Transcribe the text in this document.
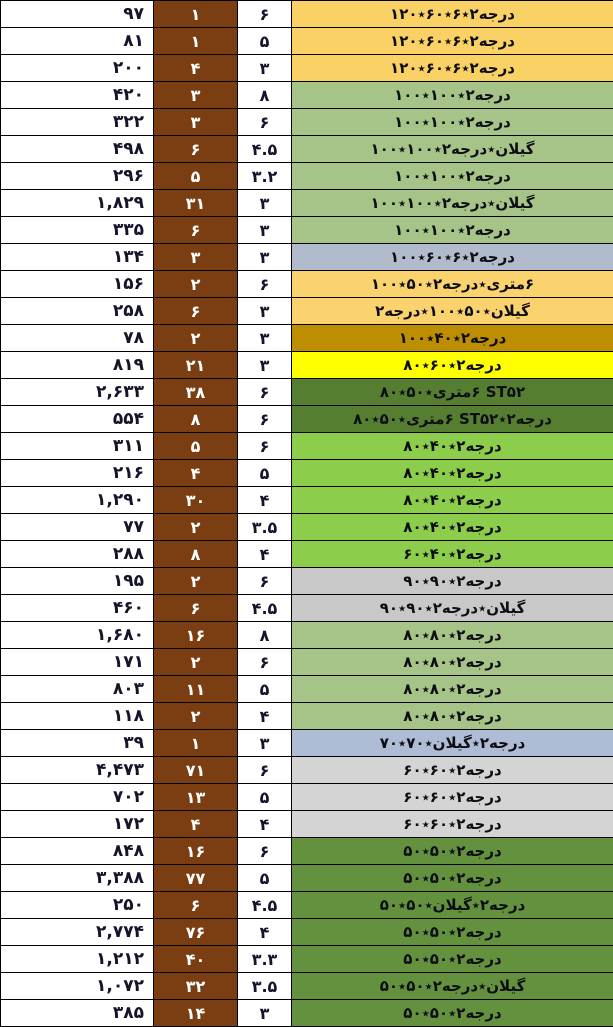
۹۷	۱	۶	درجه۲٭۶٭۶۰٭۱۲۰
۸۱	۱	۵	درجه۲٭۶٭۶۰٭۱۲۰
۲۰۰	۴	۳	درجه۲٭۶٭۶۰٭۱۲۰
۴۲۰	۳	۸	درجه۲٭۱۰۰٭۱۰۰
۳۲۲	۳	۶	درجه۲٭۱۰۰٭۱۰۰
۴۹۸	۶	۴.۵	گیلان٭درجه۲٭۱۰۰٭۱۰۰
۲۹۶	۵	۳.۲	درجه۲٭۱۰۰٭۱۰۰
۱,۸۲۹	۳۱	۳	گیلان٭درجه۲٭۱۰۰٭۱۰۰
۳۳۵	۶	۳	درجه۲٭۱۰۰٭۱۰۰
۱۳۴	۳	۳	درجه۲٭۶٭۶۰٭۱۰۰
۱۵۶	۲	۶	۶متری٭درجه۲٭۵۰٭۱۰۰
۲۵۸	۶	۳	گیلان٭۵۰٭۱۰۰٭درجه۲
۷۸	۲	۳	درجه۲٭۴۰٭۱۰۰
۸۱۹	۲۱	۳	درجه۲٭۶۰٭۸۰
۲,۶۳۳	۳۸	۶	ST۵۲ ‏۶متری٭۵۰٭۸۰
۵۵۴	۸	۶	درجه۲٭ST۵۲ ‏۶متری٭۵۰٭۸۰
۳۱۱	۵	۶	درجه۲٭۴۰٭۸۰
۲۱۶	۴	۵	درجه۲٭۴۰٭۸۰
۱,۲۹۰	۳۰	۴	درجه۲٭۴۰٭۸۰
۷۷	۲	۳.۵	درجه۲٭۴۰٭۸۰
۲۸۸	۸	۴	درجه۲٭۴۰٭۶۰
۱۹۵	۲	۶	درجه۲٭۹۰٭۹۰
۴۶۰	۶	۴.۵	گیلان٭درجه۲٭۹۰٭۹۰
۱,۶۸۰	۱۶	۸	درجه۲٭۸۰٭۸۰
۱۷۱	۲	۶	درجه۲٭۸۰٭۸۰
۸۰۳	۱۱	۵	درجه۲٭۸۰٭۸۰
۱۱۸	۲	۴	درجه۲٭۸۰٭۸۰
۳۹	۱	۳	درجه۲٭گیلان٭۷۰٭۷۰
۴,۴۷۳	۷۱	۶	درجه۲٭۶۰٭۶۰
۷۰۲	۱۳	۵	درجه۲٭۶۰٭۶۰
۱۷۲	۴	۴	درجه۲٭۶۰٭۶۰
۸۴۸	۱۶	۶	درجه۲٭۵۰٭۵۰
۳,۳۸۸	۷۷	۵	درجه۲٭۵۰٭۵۰
۲۵۰	۶	۴.۵	درجه۲٭گیلان٭۵۰٭۵۰
۲,۷۷۴	۷۶	۴	درجه۲٭۵۰٭۵۰
۱,۲۱۲	۴۰	۳.۳	درجه۲٭۵۰٭۵۰
۱,۰۷۲	۳۲	۳.۵	گیلان٭درجه۲٭۵۰٭۵۰
۳۸۵	۱۴	۳	درجه۲٭۵۰٭۵۰
